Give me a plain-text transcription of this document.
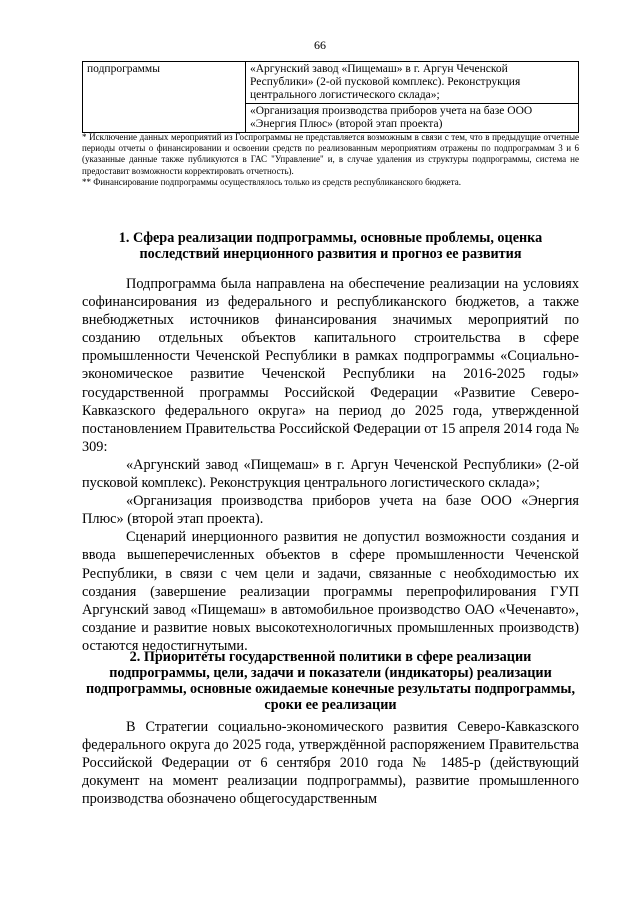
66
подпрограммы	«Аргунский завод «Пищемаш» в г. Аргун Чеченской Республики» (2-ой пусковой комплекс). Реконструкция центрального логистического склада»;
«Организация производства приборов учета на базе ООО «Энергия Плюс» (второй этап проекта)

* Исключение данных мероприятий из Госпрограммы не представляется возможным в связи с тем, что в предыдущие отчетные периоды отчеты о финансировании и освоении средств по реализованным мероприятиям отражены по подпрограммам 3 и 6 (указанные данные также публикуются в ГАС "Управление" и, в случае удаления из структуры подпрограммы, система не предоставит возможности корректировать отчетность).

** Финансирование подпрограммы осуществлялось только из средств республиканского бюджета.

1. Сфера реализации подпрограммы, основные проблемы, оценка последствий инерционного развития и прогноз ее развития

Подпрограмма была направлена на обеспечение реализации на условиях софинансирования из федерального и республиканского бюджетов, а также внебюджетных источников финансирования значимых мероприятий по созданию отдельных объектов капитального строительства в сфере промышленности Чеченской Республики в рамках подпрограммы «Социально-экономическое развитие Чеченской Республики на 2016-2025 годы» государственной программы Российской Федерации «Развитие Северо-Кавказского федерального округа» на период до 2025 года, утвержденной постановлением Правительства Российской Федерации от 15 апреля 2014 года № 309:

«Аргунский завод «Пищемаш» в г. Аргун Чеченской Республики» (2-ой пусковой комплекс). Реконструкция центрального логистического склада»;

«Организация производства приборов учета на базе ООО «Энергия Плюс» (второй этап проекта).

Сценарий инерционного развития не допустил возможности создания и ввода вышеперечисленных объектов в сфере промышленности Чеченской Республики, в связи с чем цели и задачи, связанные с необходимостью их создания (завершение реализации программы перепрофилирования ГУП Аргунский завод «Пищемаш» в автомобильное производство ОАО «Чеченавто», создание и развитие новых высокотехнологичных промышленных производств) остаются недостигнутыми.

2. Приоритеты государственной политики в сфере реализации подпрограммы, цели, задачи и показатели (индикаторы) реализации подпрограммы, основные ожидаемые конечные результаты подпрограммы, сроки ее реализации

В Стратегии социально-экономического развития Северо-Кавказского федерального округа до 2025 года, утверждённой распоряжением Правительства Российской Федерации от 6 сентября 2010 года № 1485-р (действующий документ на момент реализации подпрограммы), развитие промышленного производства обозначено общегосударственным
